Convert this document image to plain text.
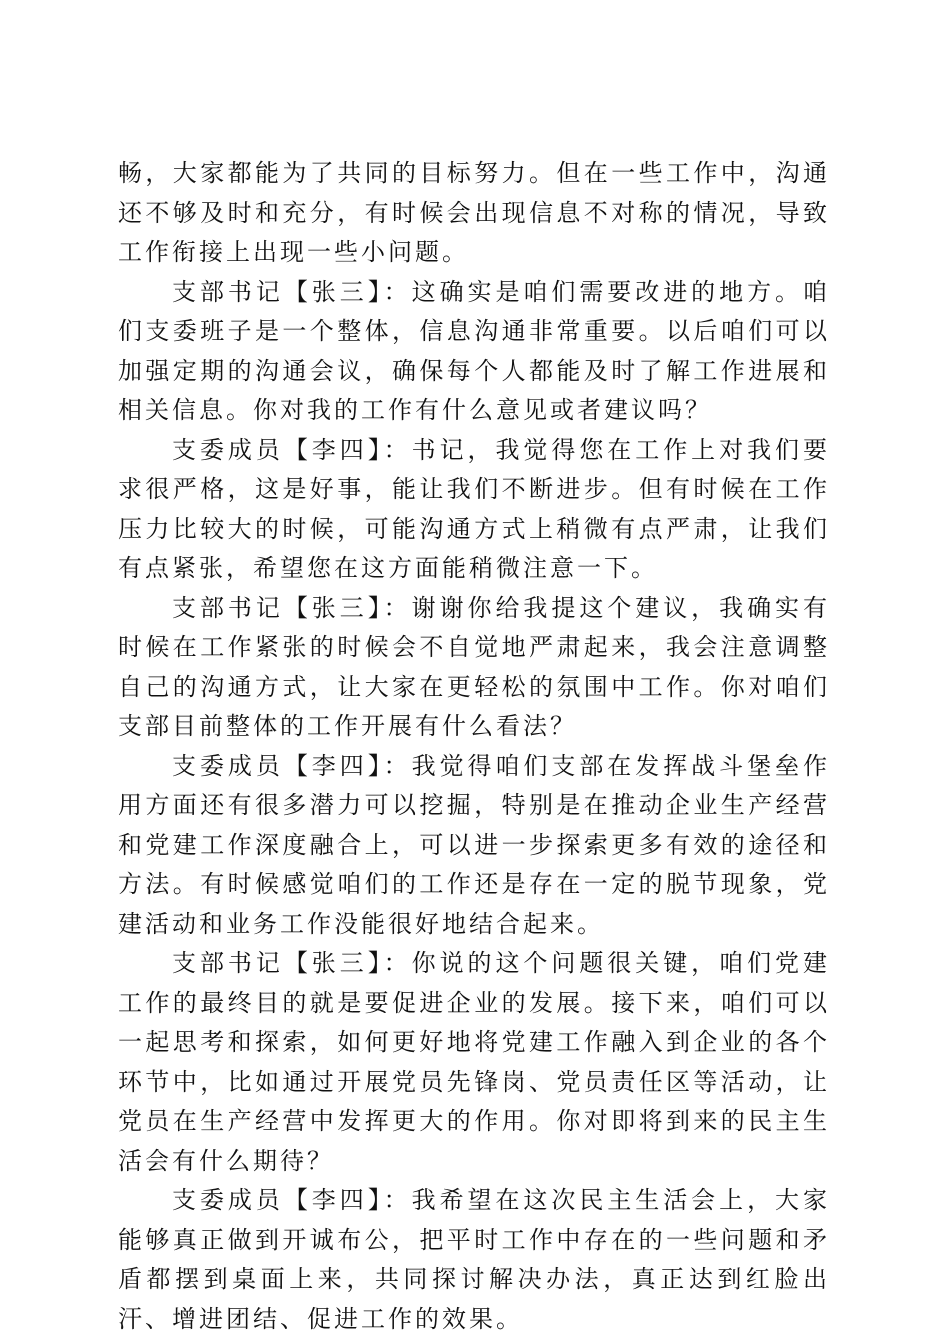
畅，大家都能为了共同的目标努力。但在一些工作中，沟通还不够及时和充分，有时候会出现信息不对称的情况，导致工作衔接上出现一些小问题。

支部书记【张三】：这确实是咱们需要改进的地方。咱们支委班子是一个整体，信息沟通非常重要。以后咱们可以加强定期的沟通会议，确保每个人都能及时了解工作进展和相关信息。你对我的工作有什么意见或者建议吗？

支委成员【李四】：书记，我觉得您在工作上对我们要求很严格，这是好事，能让我们不断进步。但有时候在工作压力比较大的时候，可能沟通方式上稍微有点严肃，让我们有点紧张，希望您在这方面能稍微注意一下。

支部书记【张三】：谢谢你给我提这个建议，我确实有时候在工作紧张的时候会不自觉地严肃起来，我会注意调整自己的沟通方式，让大家在更轻松的氛围中工作。你对咱们支部目前整体的工作开展有什么看法？

支委成员【李四】：我觉得咱们支部在发挥战斗堡垒作用方面还有很多潜力可以挖掘，特别是在推动企业生产经营和党建工作深度融合上，可以进一步探索更多有效的途径和方法。有时候感觉咱们的工作还是存在一定的脱节现象，党建活动和业务工作没能很好地结合起来。

支部书记【张三】：你说的这个问题很关键，咱们党建工作的最终目的就是要促进企业的发展。接下来，咱们可以一起思考和探索，如何更好地将党建工作融入到企业的各个环节中，比如通过开展党员先锋岗、党员责任区等活动，让党员在生产经营中发挥更大的作用。你对即将到来的民主生活会有什么期待？

支委成员【李四】：我希望在这次民主生活会上，大家能够真正做到开诚布公，把平时工作中存在的一些问题和矛盾都摆到桌面上来，共同探讨解决办法，真正达到红脸出汗、增进团结、促进工作的效果。
